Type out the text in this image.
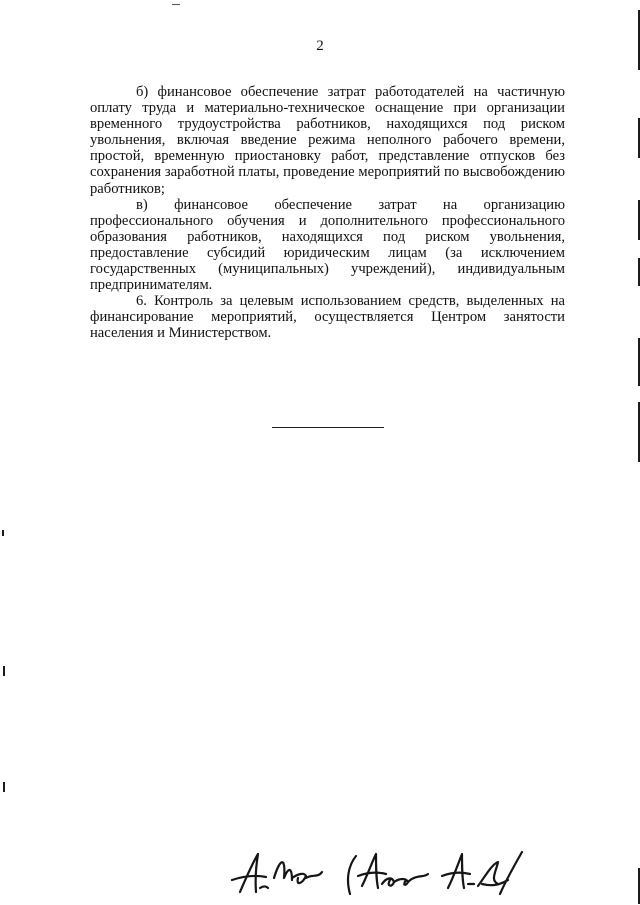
2

б) финансовое обеспечение затрат работодателей на частичную оплату труда и материально-техническое оснащение при организации временного трудоустройства работников, находящихся под риском увольнения, включая введение режима неполного рабочего времени, простой, временную приостановку работ, представление отпусков без сохранения заработной платы, проведение мероприятий по высвобождению работников;

в) финансовое обеспечение затрат на организацию профессионального обучения и дополнительного профессионального образования работников, находящихся под риском увольнения, предоставление субсидий юридическим лицам (за исключением государственных (муниципальных) учреждений), индивидуальным предпринимателям.

6. Контроль за целевым использованием средств, выделенных на финансирование мероприятий, осуществляется Центром занятости населения и Министерством.
